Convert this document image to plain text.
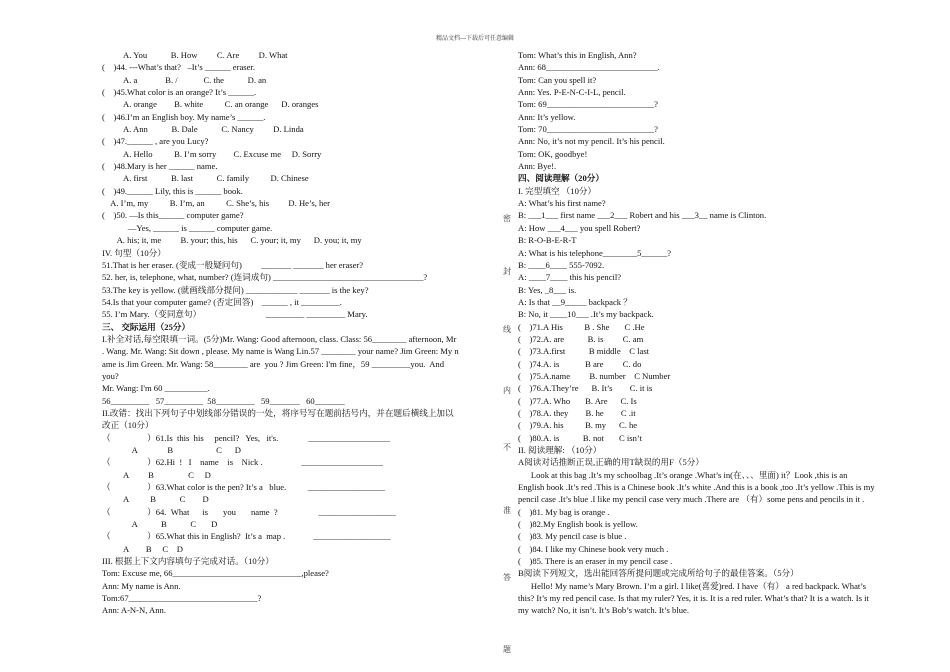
精品文档---下载后可任意编辑
A. You           B. How         C. Are         D. What
(    )44. ---What’s that?   –It’s ______ eraser.
A. a             B. /            C. the           D. an
(    )45.What color is an orange? It’s ______.
A. orange        B. white          C. an orange      D. oranges
(    )46.I’m an English boy. My name’s ______.
A. Ann           B. Dale           C. Nancy         D. Linda
(    )47.______ , are you Lucy?
A. Hello          B. I’m sorry        C. Excuse me     D. Sorry
(    )48.Mary is her ______ name.
A. first           B. last           C. family          D. Chinese
(    )49.______ Lily, this is ______ book.
A. I’m, my          B. I’m, an          C. She’s, his         D. He’s, her
(    )50. —Is this______ computer game?
—Yes, ______ is ______ computer game.
A. his; it, me         B. your; this, his      C. your; it, my      D. you; it, my
IV. 句型（10分）
51.That is her eraser. (变成一般疑问句)         _______ _______ her eraser?
52. her, is, telephone, what, number? (连词成句) ___________________________________?
53.The key is yellow. (就画线部分提问) ____________ _______ is the key?
54.Is that your computer game? (否定回答)    ______ , it _________.
55. I’m Mary.（变同意句）                              _________ _________ Mary.
三、 交际运用（25分）
I.补全对话,每空限填一词。(5分)Mr. Wang: Good afternoon, class. Class: 56________ afternoon, Mr
. Wang. Mr. Wang: Sit down , please. My name is Wang Lin.57 ________ your name? Jim Green: My n
ame is Jim Green. Mr. Wang: 58________ are  you ? Jim Green: I'm fine，59 _________you.  And
you?
Mr. Wang: I'm 60 __________.
56_________   57_________  58_________   59_______   60_______
II.改错：找出下列句子中划线部分错误的一处，将序号写在题前括号内，并在题后横线上加以
改正（10分）
（                 ）61.Is  this  his     pencil?   Yes,   it's.              ___________________
A              B                    C      D
（                 ）62.Hi  !   I    name    is    Nick .                  ___________________
A         B                C     D
（                 ）63.What color is the pen? It’s a   blue.          __________________
A          B           C        D
（                 ）64.  What      is       you       name  ?                   __________________
A           B           C       D
（                 ）65.What this in English?  It’s a  map .             __________________
A        B     C    D
III. 根据上下文内容填句子完成对话。（10分）
Tom: Excuse me, 66______________________________,please?
Ann: My name is Ann.
Tom:67______________________________?
Ann: A-N-N, Ann.
Tom: What’s this in English, Ann?
Ann: 68__________________________.
Tom: Can you spell it?
Ann: Yes. P-E-N-C-I-L, pencil.
Tom: 69_________________________?
Ann: It’s yellow.
Tom: 70_________________________?
Ann: No, it’s not my pencil. It’s his pencil.
Tom: OK, goodbye!
Ann: Bye!.
四、阅读理解（20分）
I. 完型填空 （10分）
A: What’s his first name?
B: ___1___ first name ___2___ Robert and his ___3__ name is Clinton.
A: How ___4___ you spell Robert?
B: R-O-B-E-R-T
A: What is his telephone________5______?
B: ____6____ 555-7092.
A: ____7____ this his pencil?
B: Yes, _8___ is.
A: Is that __9_____ backpack ？
B: No, it ____10___ .It’s my backpack.
(    )71.A His          B . She       C .He
(    )72.A. are           B. is         C. am
(    )73.A.first           B middle    C last
(    )74.A. is            B are         C. do
(    )75.A.name         B. number    C Number
(    )76.A.They’re      B. It’s        C. it is
(    )77.A. Who       B. Are      C. Is
(    )78.A. they        B. he        C .it
(    )79.A. his          B. my      C. he
(    )80.A. is           B. not       C isn’t
II. 阅读理解: （10分）
A阅读对话推断正误,正确的用T缺误的用F（5分）
Look at this bag .It’s my schoolbag .It’s orange .What’s in(在、、、里面) it？Look ,this is an
English book .It’s red .This is a Chinese book .It’s white .And this is a book ,too .It’s yellow .This is my
pencil case .It’s blue .I like my pencil case very much .There are （有）some pens and pencils in it .
(    )81. My bag is orange .
(    )82.My English book is yellow.
(    )83. My pencil case is blue .
(    )84. I like my Chinese book very much .
(    )85. There is an eraser in my pencil case .
B阅读下列短文，选出能回答所提问题或完成所给句子的最佳答案。（5分）
Hello! My name’s Mary Brown. I’m a girl. I like(喜爱)red. I have（有） a red backpack. What’s
this? It’s my red pencil case. Is that my ruler? Yes, it is. It is a red ruler. What’s that? It is a watch. Is it
my watch? No, it isn’t. It’s Bob’s watch. It’s blue.
密
封
线
内
不
准
答
题
